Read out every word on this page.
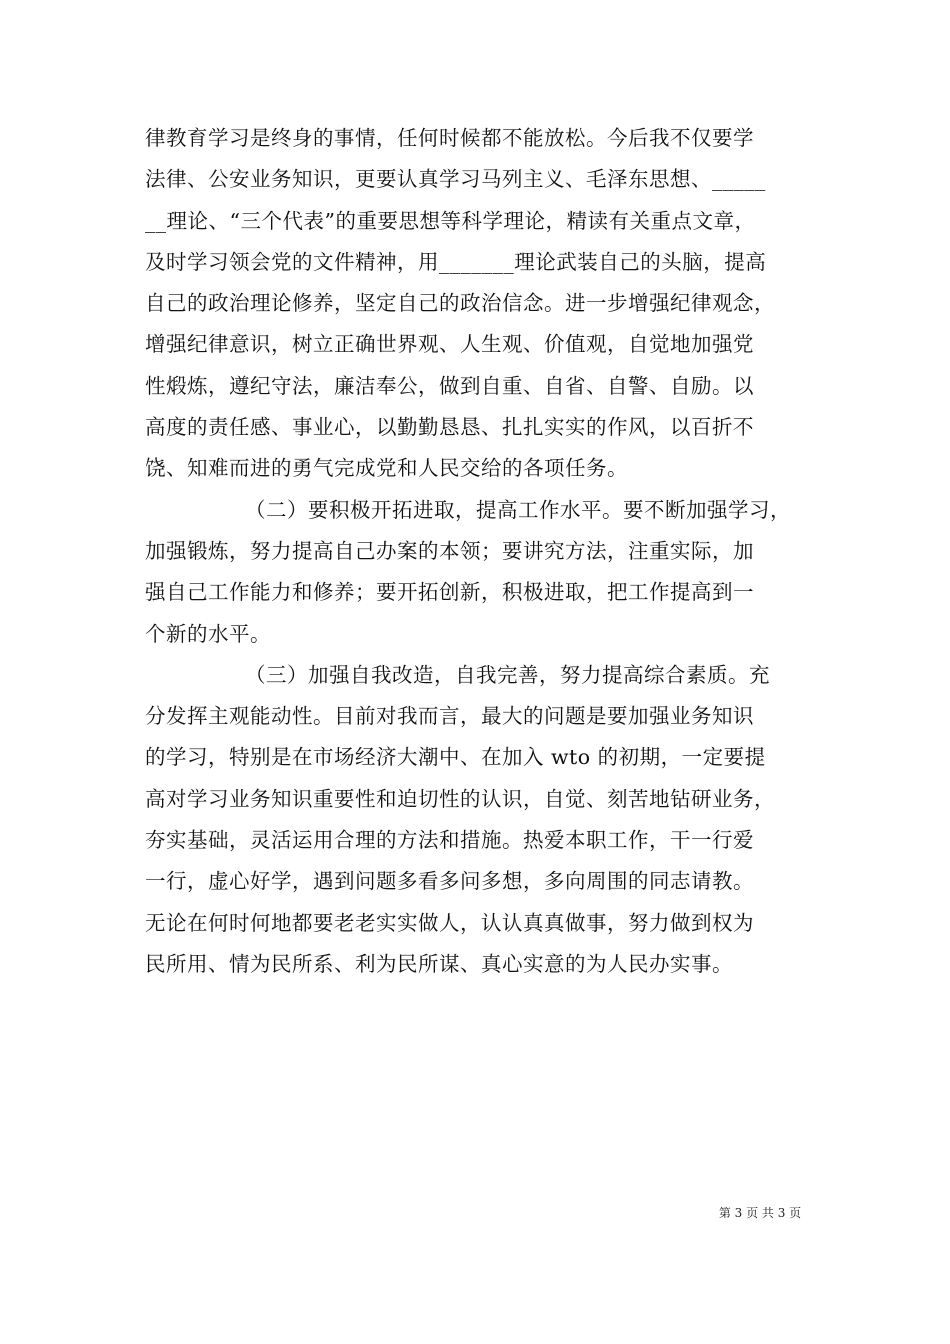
律教育学习是终身的事情，任何时候都不能放松。今后我不仅要学
法律、公安业务知识，更要认真学习马列主义、毛泽东思想、_____
__理论、“三个代表”的重要思想等科学理论，精读有关重点文章，
及时学习领会党的文件精神，用_______理论武装自己的头脑，提高
自己的政治理论修养，坚定自己的政治信念。进一步增强纪律观念，
增强纪律意识，树立正确世界观、人生观、价值观，自觉地加强党
性煅炼，遵纪守法，廉洁奉公，做到自重、自省、自警、自励。以
高度的责任感、事业心，以勤勤恳恳、扎扎实实的作风，以百折不
饶、知难而进的勇气完成党和人民交给的各项任务。
（二）要积极开拓进取，提高工作水平。要不断加强学习，
加强锻炼，努力提高自己办案的本领；要讲究方法，注重实际，加
强自己工作能力和修养；要开拓创新，积极进取，把工作提高到一
个新的水平。
（三）加强自我改造，自我完善，努力提高综合素质。充
分发挥主观能动性。目前对我而言，最大的问题是要加强业务知识
的学习，特别是在市场经济大潮中、在加入 wto 的初期，一定要提
高对学习业务知识重要性和迫切性的认识，自觉、刻苦地钻研业务，
夯实基础，灵活运用合理的方法和措施。热爱本职工作，干一行爱
一行，虚心好学，遇到问题多看多问多想，多向周围的同志请教。
无论在何时何地都要老老实实做人，认认真真做事，努力做到权为
民所用、情为民所系、利为民所谋、真心实意的为人民办实事。
第 3 页 共 3 页
